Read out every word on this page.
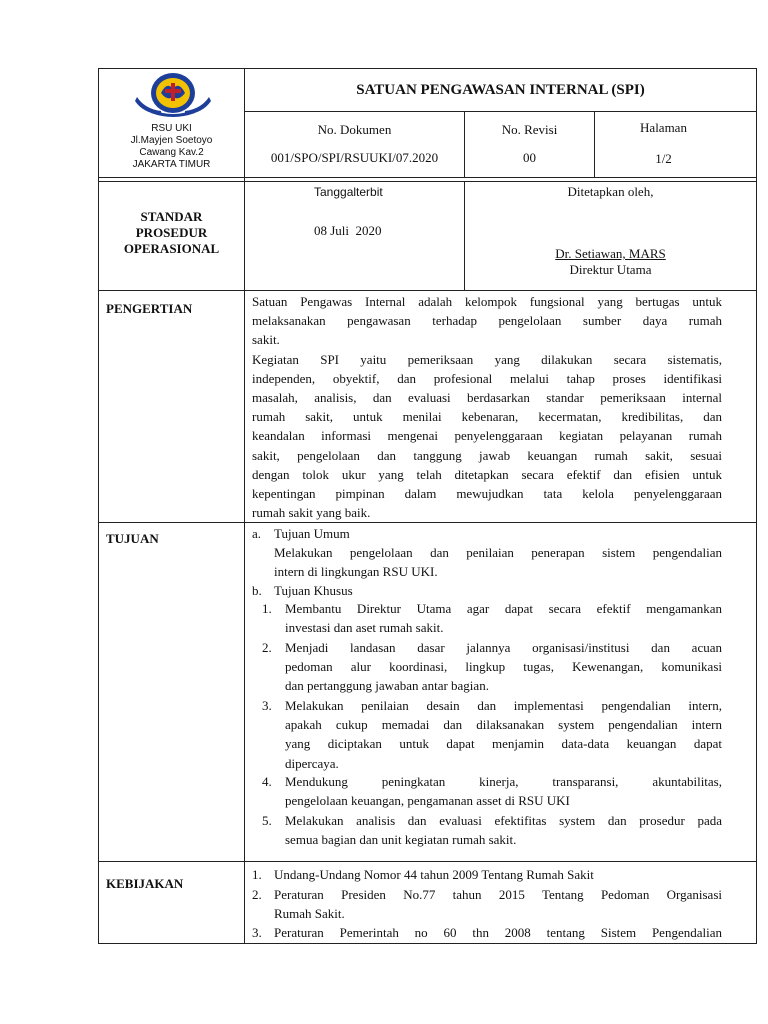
RSU UKI
Jl.Mayjen Soetoyo
Cawang Kav.2
JAKARTA TIMUR
SATUAN PENGAWASAN INTERNAL (SPI)
No. Dokumen
001/SPO/SPI/RSUUKI/07.2020
No. Revisi
00
Halaman
1/2
STANDAR
PROSEDUR
OPERASIONAL
Tanggalterbit
08 Juli  2020
Ditetapkan oleh,
Dr. Setiawan, MARS
Direktur Utama
PENGERTIAN	Satuan Pengawas Internal adalah kelompok fungsional yang bertugas untuk
melaksanakan pengawasan terhadap pengelolaan sumber daya rumah
sakit.
Kegiatan SPI yaitu pemeriksaan yang dilakukan secara sistematis,
independen, obyektif, dan profesional melalui tahap proses identifikasi
masalah, analisis, dan evaluasi berdasarkan standar pemeriksaan internal
rumah sakit, untuk menilai kebenaran, kecermatan, kredibilitas, dan
keandalan informasi mengenai penyelenggaraan kegiatan pelayanan rumah
sakit, pengelolaan dan tanggung jawab keuangan rumah sakit, sesuai
dengan tolok ukur yang telah ditetapkan secara efektif dan efisien untuk
kepentingan pimpinan dalam mewujudkan tata kelola penyelenggaraan
rumah sakit yang baik.
TUJUAN	a. Tujuan Umum
Melakukan pengelolaan dan penilaian penerapan sistem pengendalian
intern di lingkungan RSU UKI.
b. Tujuan Khusus
1. Membantu Direktur Utama agar dapat secara efektif mengamankan
investasi dan aset rumah sakit.
2. Menjadi landasan dasar jalannya organisasi/institusi dan acuan
pedoman alur koordinasi, lingkup tugas, Kewenangan, komunikasi
dan pertanggung jawaban antar bagian.
3. Melakukan penilaian desain dan implementasi pengendalian intern,
apakah cukup memadai dan dilaksanakan system pengendalian intern
yang diciptakan untuk dapat menjamin data-data keuangan dapat
dipercaya.
4. Mendukung peningkatan kinerja, transparansi, akuntabilitas,
pengelolaan keuangan, pengamanan asset di RSU UKI
5. Melakukan analisis dan evaluasi efektifitas system dan prosedur pada
semua bagian dan unit kegiatan rumah sakit.
KEBIJAKAN
1. Undang-Undang Nomor 44 tahun 2009 Tentang Rumah Sakit
2. Peraturan Presiden No.77 tahun 2015 Tentang Pedoman Organisasi
Rumah Sakit.
3. Peraturan Pemerintah no 60 thn 2008 tentang Sistem Pengendalian
